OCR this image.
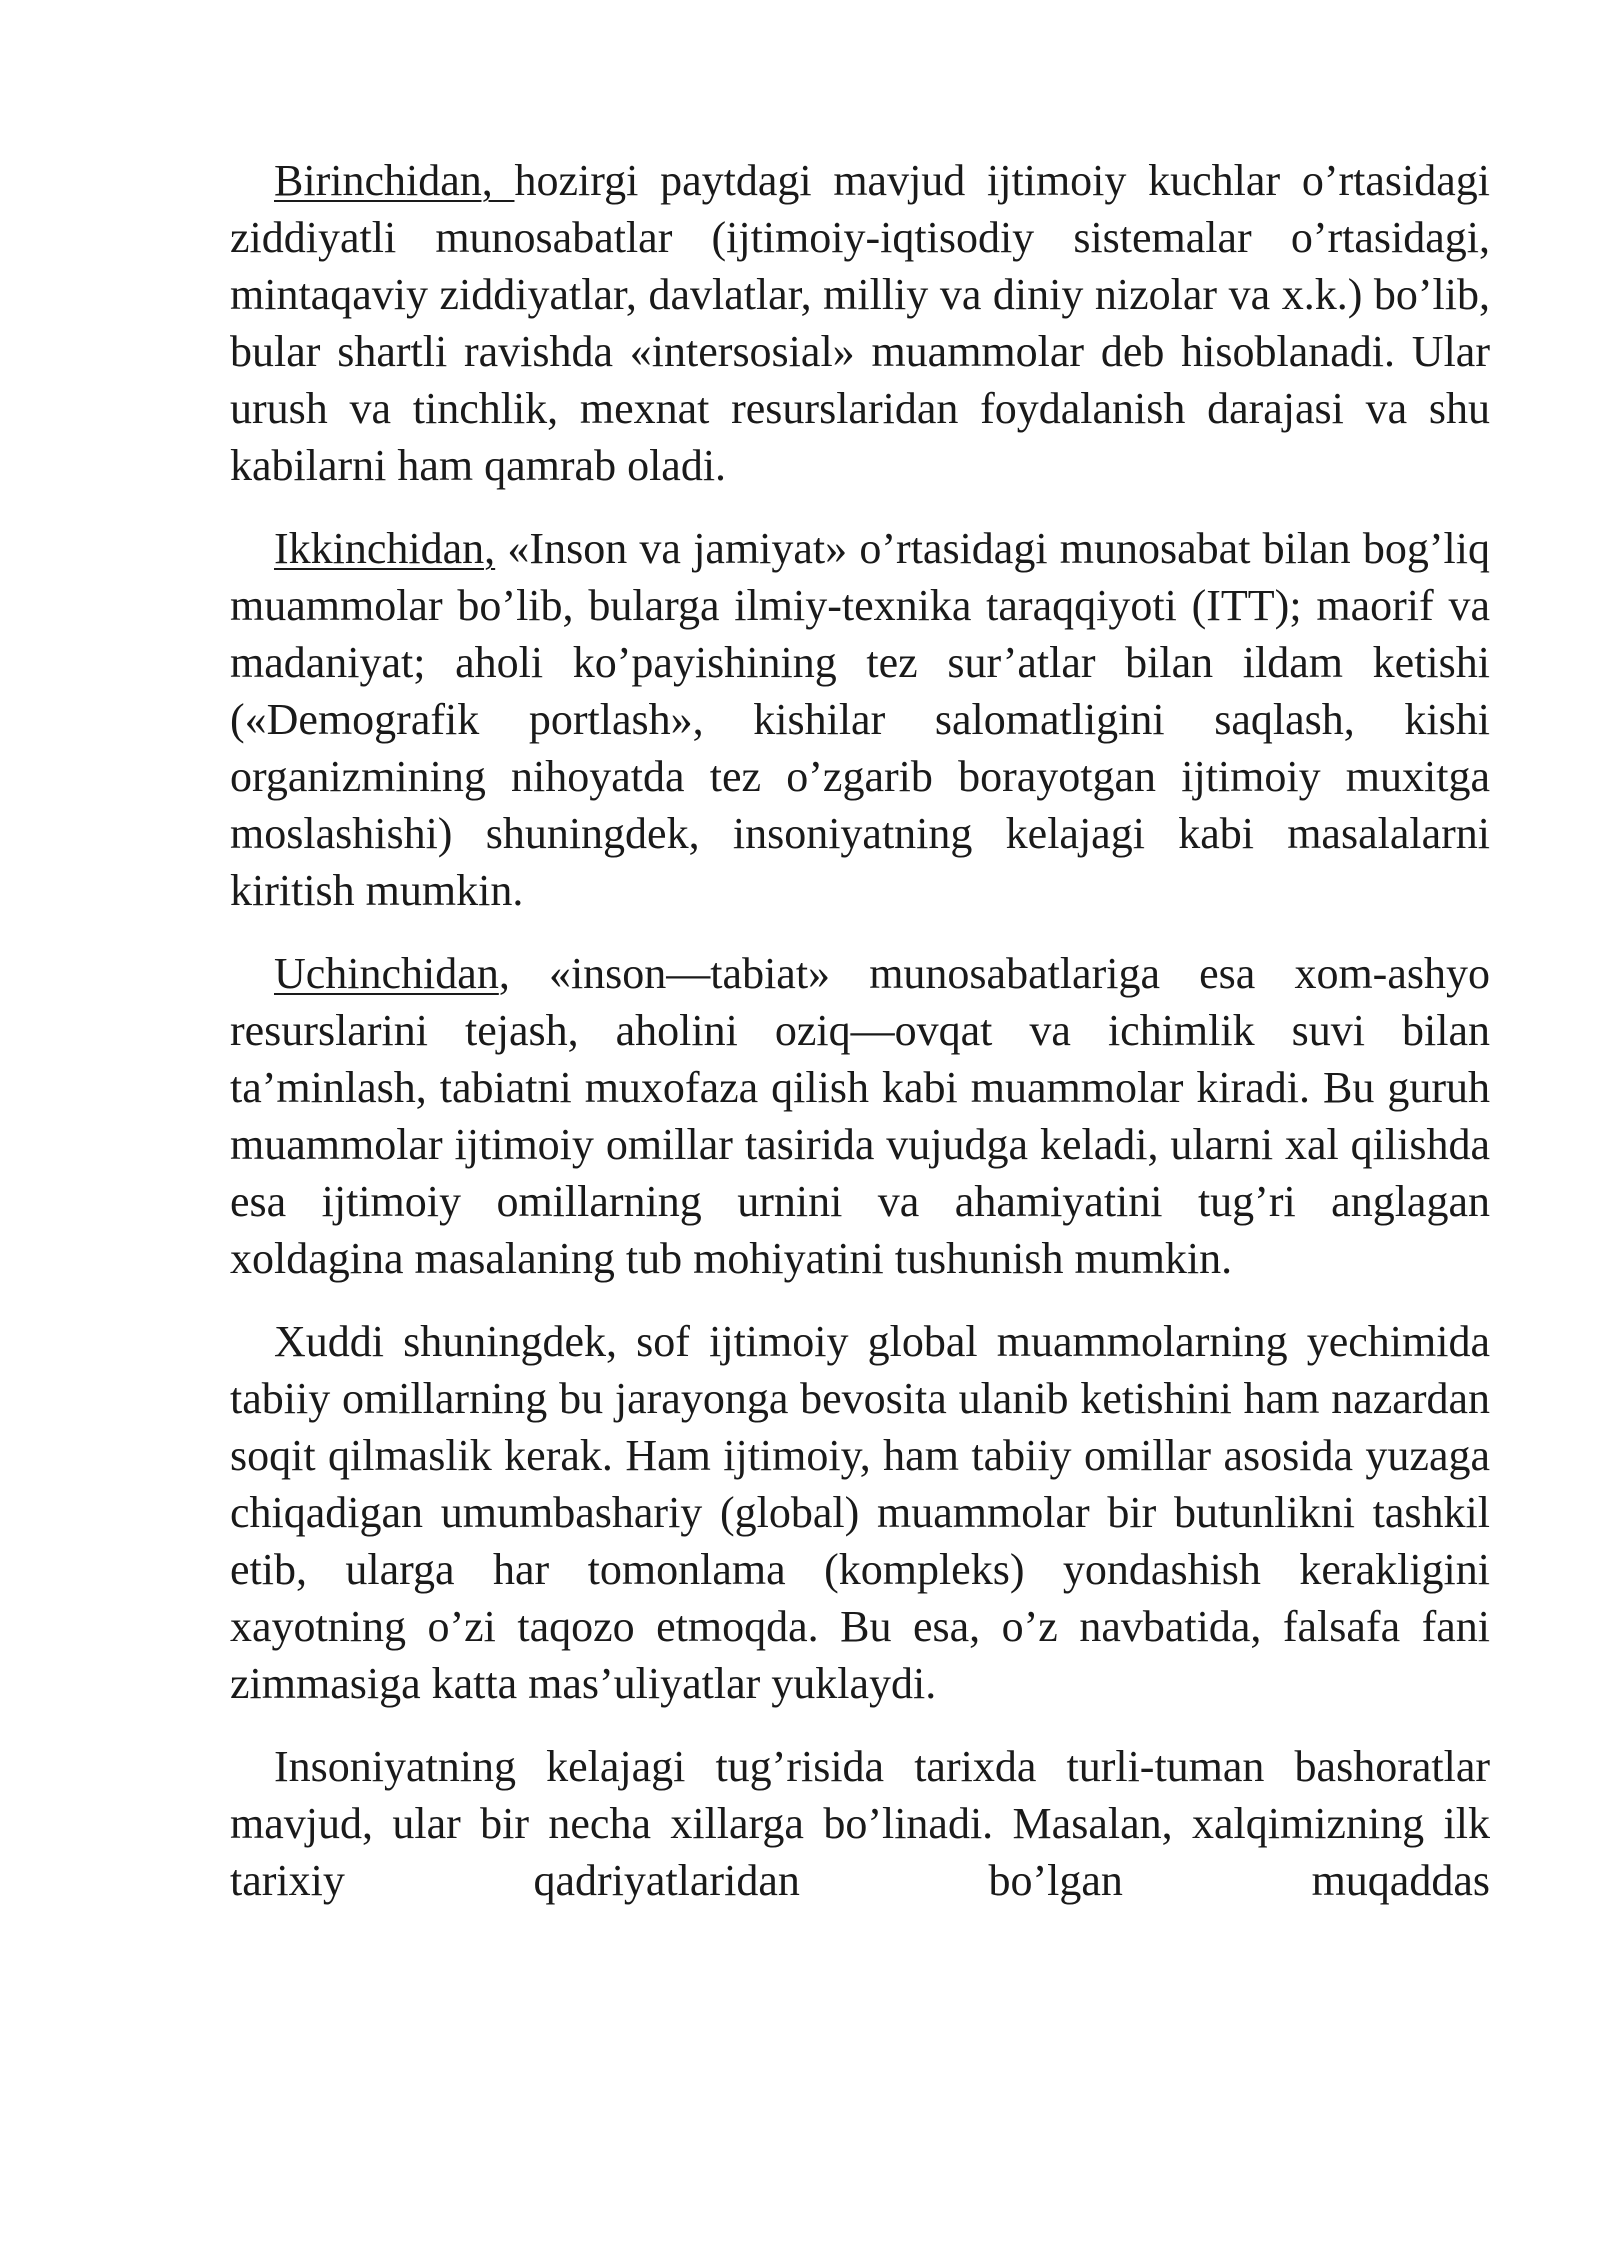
Birinchidan, hozirgi paytdagi mavjud ijtimoiy kuchlar o’rtasidagi ziddiyatli munosabatlar (ijtimoiy-iqtisodiy sistemalar o’rtasidagi, mintaqaviy ziddiyatlar, davlatlar, milliy va diniy nizolar va x.k.) bo’lib, bular shartli ravishda «intersosial» muammolar deb hisoblanadi. Ular urush va tinchlik, mexnat resurslaridan foydalanish darajasi va shu kabilarni ham qamrab oladi.

Ikkinchidan, «Inson va jamiyat» o’rtasidagi munosabat bilan bog’liq muammolar bo’lib, bularga ilmiy-texnika taraqqiyoti (ITT); maorif va madaniyat; aholi ko’payishining tez sur’atlar bilan ildam ketishi («Demografik portlash», kishilar salomatligini saqlash, kishi organizmining nihoyatda tez o’zgarib borayotgan ijtimoiy muxitga moslashishi) shuningdek, insoniyatning kelajagi kabi masalalarni kiritish mumkin.

Uchinchidan, «inson—tabiat» munosabatlariga esa xom-ashyo resurslarini tejash, aholini oziq—ovqat va ichimlik suvi bilan ta’minlash, tabiatni muxofaza qilish kabi muammolar kiradi. Bu guruh muammolar ijtimoiy omillar tasirida vujudga keladi, ularni xal qilishda esa ijtimoiy omillarning urnini va ahamiyatini tug’ri anglagan xoldagina masalaning tub mohiyatini tushunish mumkin.

Xuddi shuningdek, sof ijtimoiy global muammolarning yechimida tabiiy omillarning bu jarayonga bevosita ulanib ketishini ham nazardan soqit qilmaslik kerak. Ham ijtimoiy, ham tabiiy omillar asosida yuzaga chiqadigan umumbashariy (global) muammolar bir butunlikni tashkil etib, ularga har tomonlama (kompleks) yondashish kerakligini xayotning o’zi taqozo etmoqda. Bu esa, o’z navbatida, falsafa fani zimmasiga katta mas’uliyatlar yuklaydi.

Insoniyatning kelajagi tug’risida tarixda turli-tuman bashoratlar mavjud, ular bir necha xillarga bo’linadi. Masalan, xalqimizning ilk tarixiy qadriyatlaridan bo’lgan muqaddas
